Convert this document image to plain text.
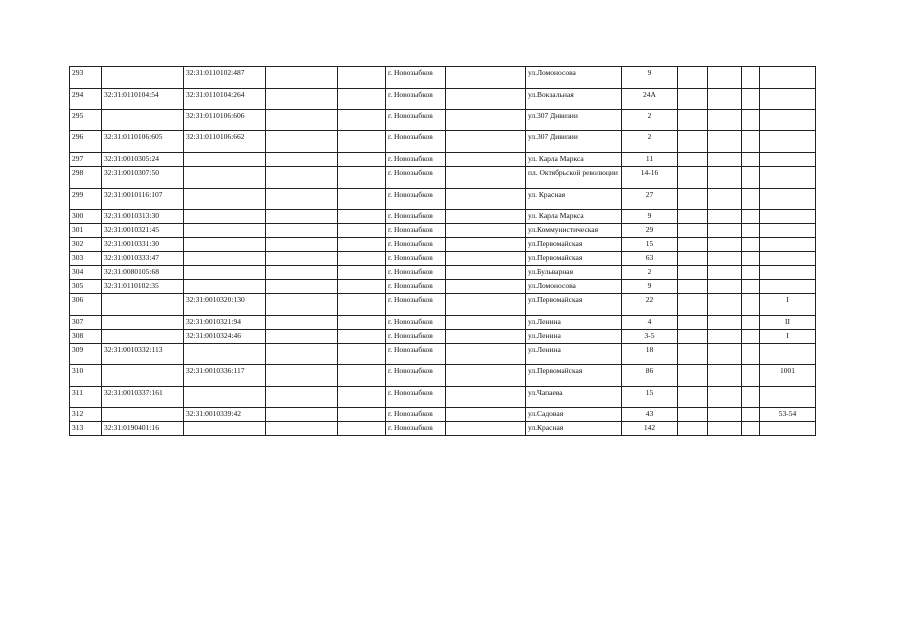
293		32:31:0110102:487			г. Новозыбков		ул.Ломоносова	9				
294	32:31:0110104:54	32:31:0110104:264			г. Новозыбков		ул.Вокзальная	24А				
295		32:31:0110106:606			г. Новозыбков		ул.307 Дивизии	2				
296	32:31:0110106:605	32:31:0110106:662			г. Новозыбков		ул.307 Дивизии	2				
297	32:31:0010305:24				г. Новозыбков		ул. Карла Маркса	11				
298	32:31:0010307:50				г. Новозыбков		пл. Октябрьской революции	14-16				
299	32:31:0010116:107				г. Новозыбков		ул. Красная	27				
300	32:31:0010313:30				г. Новозыбков		ул. Карла Маркса	9				
301	32:31:0010321:45				г. Новозыбков		ул.Коммунистическая	29				
302	32:31:0010331:30				г. Новозыбков		ул.Первомайская	15				
303	32:31:0010333:47				г. Новозыбков		ул.Первомайская	63				
304	32:31:0080105:68				г. Новозыбков		ул.Бульварная	2				
305	32:31:0110102:35				г. Новозыбков		ул.Ломоносова	9				
306		32:31:0010320:130			г. Новозыбков		ул.Первомайская	22				I
307		32:31:0010321:94			г. Новозыбков		ул.Ленина	4				II
308		32:31:0010324:46			г. Новозыбков		ул.Ленина	3-5				I
309	32:31:0010332:113				г. Новозыбков		ул.Ленина	18				
310		32:31:0010336:117			г. Новозыбков		ул.Первомайская	86				1001
311	32:31:0010337:161				г. Новозыбков		ул.Чапаева	15				
312		32:31:0010339:42			г. Новозыбков		ул.Садовая	43				53-54
313	32:31:0190401:16				г. Новозыбков		ул.Красная	142				
